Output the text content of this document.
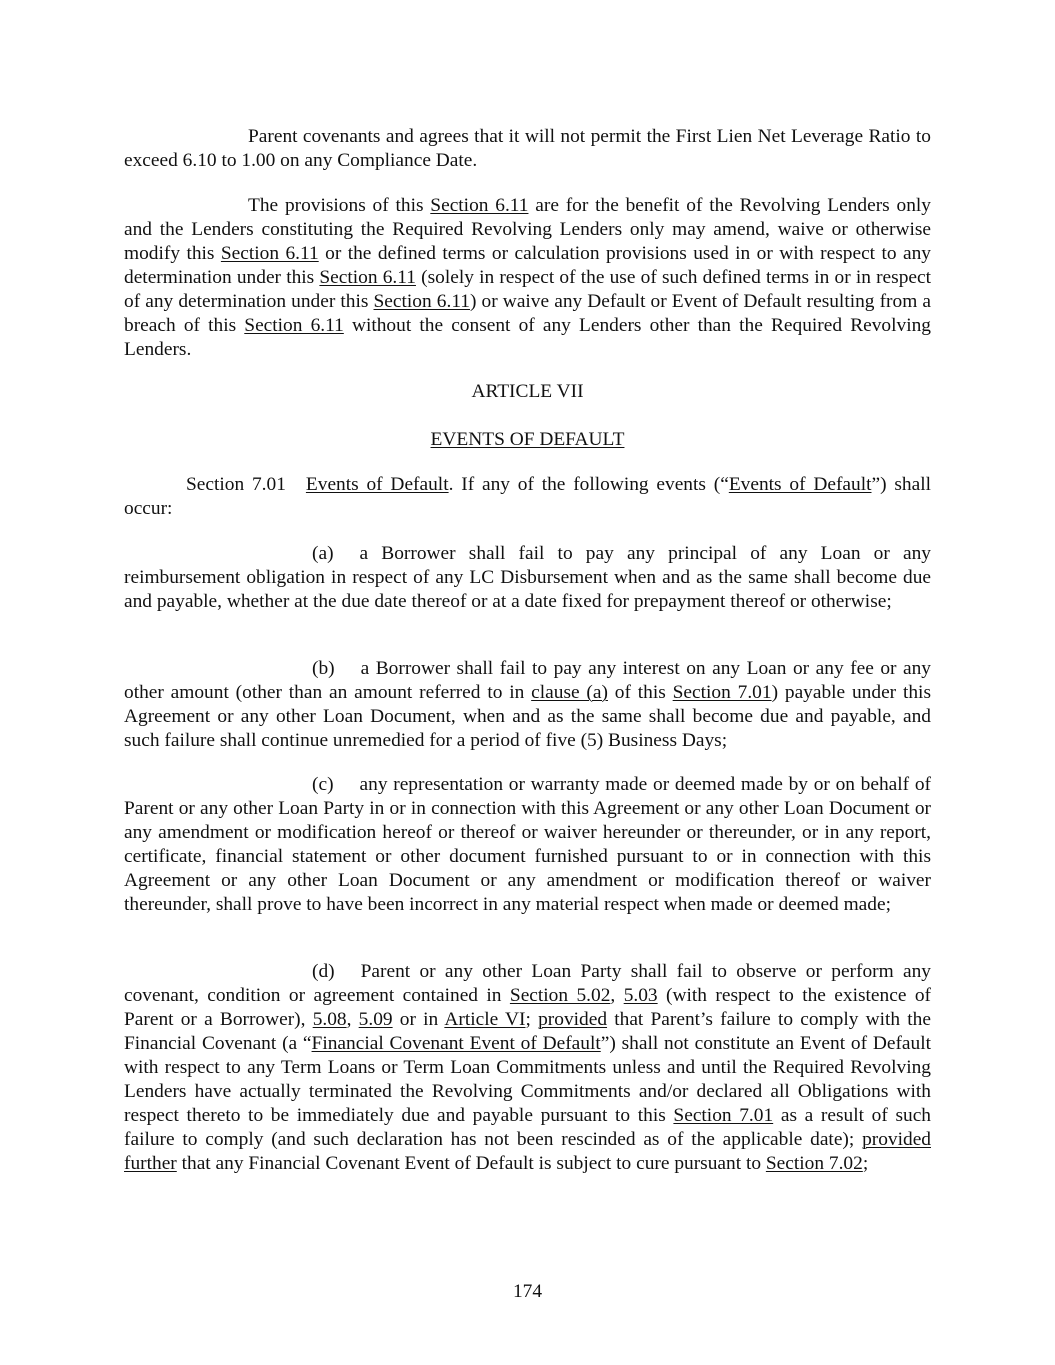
Parent covenants and agrees that it will not permit the First Lien Net Leverage Ratio to exceed 6.10 to 1.00 on any Compliance Date.

The provisions of this Section 6.11 are for the benefit of the Revolving Lenders only and the Lenders constituting the Required Revolving Lenders only may amend, waive or otherwise modify this Section 6.11 or the defined terms or calculation provisions used in or with respect to any determination under this Section 6.11 (solely in respect of the use of such defined terms in or in respect of any determination under this Section 6.11) or waive any Default or Event of Default resulting from a breach of this Section 6.11 without the consent of any Lenders other than the Required Revolving Lenders.

ARTICLE VII

EVENTS OF DEFAULT

Section 7.01 Events of Default. If any of the following events (“Events of Default”) shall occur:

(a) a Borrower shall fail to pay any principal of any Loan or any reimbursement obligation in respect of any LC Disbursement when and as the same shall become due and payable, whether at the due date thereof or at a date fixed for prepayment thereof or otherwise;

(b) a Borrower shall fail to pay any interest on any Loan or any fee or any other amount (other than an amount referred to in clause (a) of this Section 7.01) payable under this Agreement or any other Loan Document, when and as the same shall become due and payable, and such failure shall continue unremedied for a period of five (5) Business Days;

(c) any representation or warranty made or deemed made by or on behalf of Parent or any other Loan Party in or in connection with this Agreement or any other Loan Document or any amendment or modification hereof or thereof or waiver hereunder or thereunder, or in any report, certificate, financial statement or other document furnished pursuant to or in connection with this Agreement or any other Loan Document or any amendment or modification thereof or waiver thereunder, shall prove to have been incorrect in any material respect when made or deemed made;

(d) Parent or any other Loan Party shall fail to observe or perform any covenant, condition or agreement contained in Section 5.02, 5.03 (with respect to the existence of Parent or a Borrower), 5.08, 5.09 or in Article VI; provided that Parent’s failure to comply with the Financial Covenant (a “Financial Covenant Event of Default”) shall not constitute an Event of Default with respect to any Term Loans or Term Loan Commitments unless and until the Required Revolving Lenders have actually terminated the Revolving Commitments and/or declared all Obligations with respect thereto to be immediately due and payable pursuant to this Section 7.01 as a result of such failure to comply (and such declaration has not been rescinded as of the applicable date); provided further that any Financial Covenant Event of Default is subject to cure pursuant to Section 7.02;

174
